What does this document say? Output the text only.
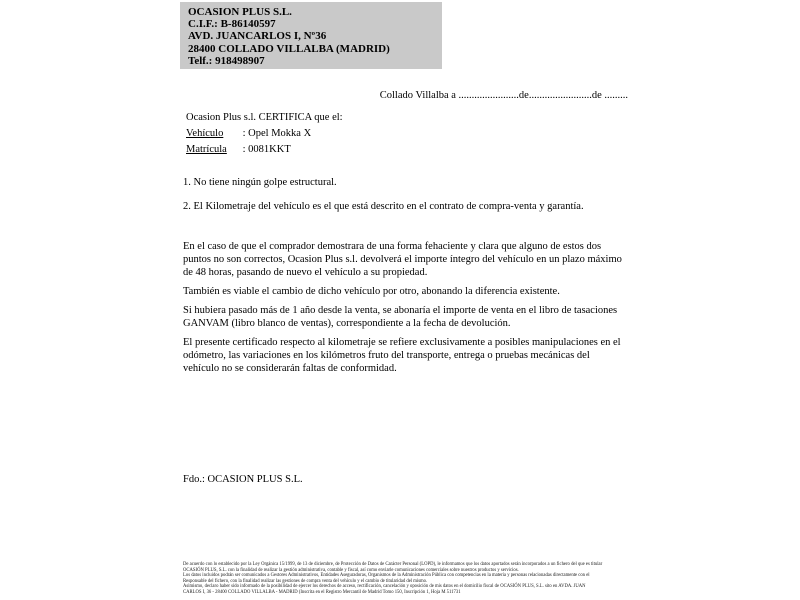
OCASION PLUS S.L.
C.I.F.: B-86140597
AVD. JUANCARLOS I, Nº36
28400 COLLADO VILLALBA (MADRID)
Telf.: 918498907
Collado Villalba a .......................de........................de .........
Ocasion Plus s.l. CERTIFICA que el:
Vehículo : Opel Mokka X
Matrícula : 0081KKT
1. No tiene ningún golpe estructural.
2. El Kilometraje del vehículo es el que está descrito en el contrato de compra-venta y garantía.

En el caso de que el comprador demostrara de una forma fehaciente y clara que alguno de estos dos puntos no son correctos, Ocasion Plus s.l. devolverá el importe íntegro del vehículo en un plazo máximo de 48 horas, pasando de nuevo el vehículo a su propiedad.

También es viable el cambio de dicho vehículo por otro, abonando la diferencia existente.

Si hubiera pasado más de 1 año desde la venta, se abonaría el importe de venta en el libro de tasaciones GANVAM (libro blanco de ventas), correspondiente a la fecha de devolución.

El presente certificado respecto al kilometraje se refiere exclusivamente a posibles manipulaciones en el odómetro, las variaciones en los kilómetros fruto del transporte, entrega o pruebas mecánicas del vehículo no se considerarán faltas de conformidad.

Fdo.: OCASION PLUS S.L.
De acuerdo con lo establecido por la Ley Orgánica 15/1999, de 13 de diciembre, de Protección de Datos de Carácter Personal (LOPD), le informamos que los datos aportados serán incorporados a un fichero del que es titular
OCASIÓN PLUS, S.L. con la finalidad de realizar la gestión administrativa, contable y fiscal, así como enviarle comunicaciones comerciales sobre nuestros productos y servicios.
Los datos incluidos podrán ser comunicados a Gestores Administrativos, Entidades Aseguradoras, Organismos de la Administración Pública con competencias en la materia y personas relacionadas directamente con el
Responsable del fichero, con la finalidad realizar las gestiones de compra venta del vehículo y el cambio de titularidad del mismo.
Asimismo, declaro haber sido informado de la posibilidad de ejercer los derechos de acceso, rectificación, cancelación y oposición de mis datos en el domicilio fiscal de OCASIÓN PLUS, S.L. sito en AVDA. JUAN
CARLOS I, 36 - 28400 COLLADO VILLALBA - MADRID (Inscrita en el Registro Mercantil de Madrid Tomo 150, Inscripción 1, Hoja M 511731
